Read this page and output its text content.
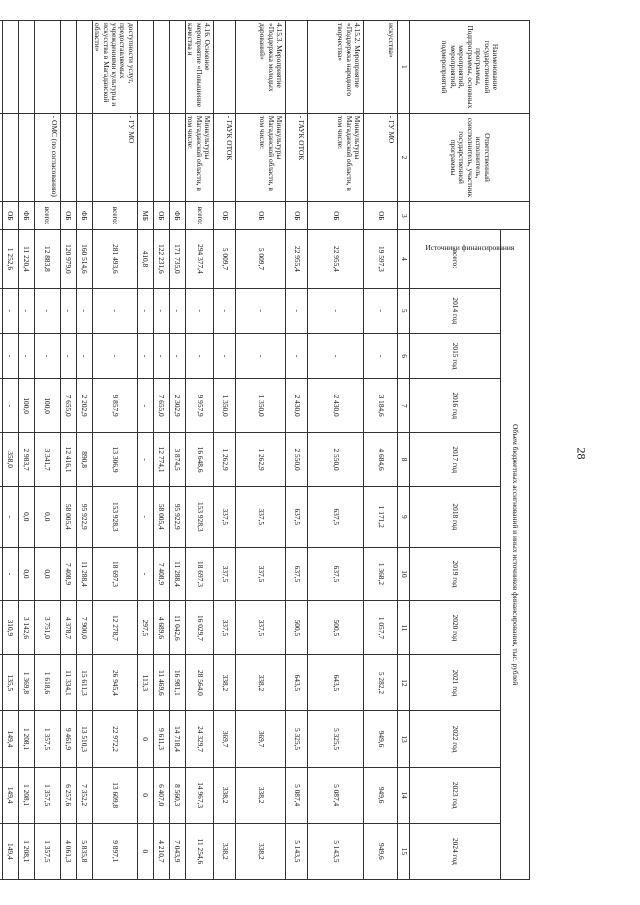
28
Наименование государственной программы, Подпрограммы, основных мероприятий, мероприятий, подмероприятий	Ответственный исполнитель, соисполнитель, участник государственной программы	Источники финансирования	Объем бюджетных ассигнований и иных источников финансирования, тыс. рублей											
			всего:	2014 год	2015 год	2016 год	2017 год	2018 год	2019 год	2020 год	2021 год	2022 год	2023 год	2024 год
1	2	3	4	5	6	7	8	9	10	11	12	13	14	15
искусства»	- ГУ МО	ОБ	19 597,3	-	-	3 184,6	4 684,6	1 171,2	1 368,2	1 057,7	5 282,2	949,6	949,6	949,6
4.15.2. Мероприятие «Поддержка народного творчества»	Минкультуры Магаданской области, в том числе:	ОБ	22 955,4	-	-	2 430,0	2 550,0	637,5	637,5	500,5	643,5	5 325,5	5 087,4	5 143,5
	- ГАУК ОТОК	ОБ	22 955,4	-	-	2 430,0	2 550,0	637,5	637,5	500,5	643,5	5 325,5	5 087,4	5 143,5
4.15.3. Мероприятие «Поддержка молодых дарований»	Минкультуры Магаданской области, в том числе:	ОБ	5 009,7	-	-	1 350,0	1 262,9	337,5	337,5	337,5	338,2	369,7	338,2	338,2
	- ГАУК ОТОК	ОБ	5 009,7	-	-	1 350,0	1 262,9	337,5	337,5	337,5	338,2	369,7	338,2	338,2
4.16. Основное мероприятие «Повышение качества и	Минкультуры Магаданской области, в том числе:	всего:	294 377,4	-	-	9 957,9	16 648,6	153 928,3	18 697,3	16 029,7	28 564,0	24 329,7	14 967,3	11 254,6
		ФБ	171 735,0	-	-	2 302,9	3 874,5	95 922,9	11 288,4	11 042,6	16 981,1	14 718,4	8 560,3	7 043,9
		ОБ	122 231,6	-	-	7 655,0	12 774,1	58 005,4	7 408,9	4 689,6	11 469,6	9 611,3	6 407,0	4 210,7
		МБ	410,8	-	-	-	-	-	-	297,5	113,3	0	0	0
доступности услуг, предоставляемых учреждениями культуры и искусства в Магаданской области»	- ГУ МО	всего:	281 493,6	-	-	9 857,9	13 306,9	153 928,3	18 697,3	12 278,7	26 945,4	22 972,2	13 609,8	9 897,1
		ФБ	160 514,6	-	-	2 202,9	890,8	95 922,9	11 288,4	7 900,0	15 611,3	13 510,3	7 352,2	5 835,8
		ОБ	120 979,0	-	-	7 655,0	12 416,1	58 005,4	7 408,9	4 378,7	11 334,1	9 461,9	6 257,6	4 061,3
	- ОМС (по согласованию)	всего:	12 883,8	-	-	100,0	3 341,7	0,0	0,0	3 751,0	1 618,6	1 357,5	1 357,5	1 357,5
		ФБ	11 220,4	-	-	100,0	2 983,7	0,0	0,0	3 142,6	1 369,8	1 208,1	1 208,1	1 208,1
		ОБ	1 252,6	-	-	-	358,0	-	-	310,9	135,5	149,4	149,4	149,4
